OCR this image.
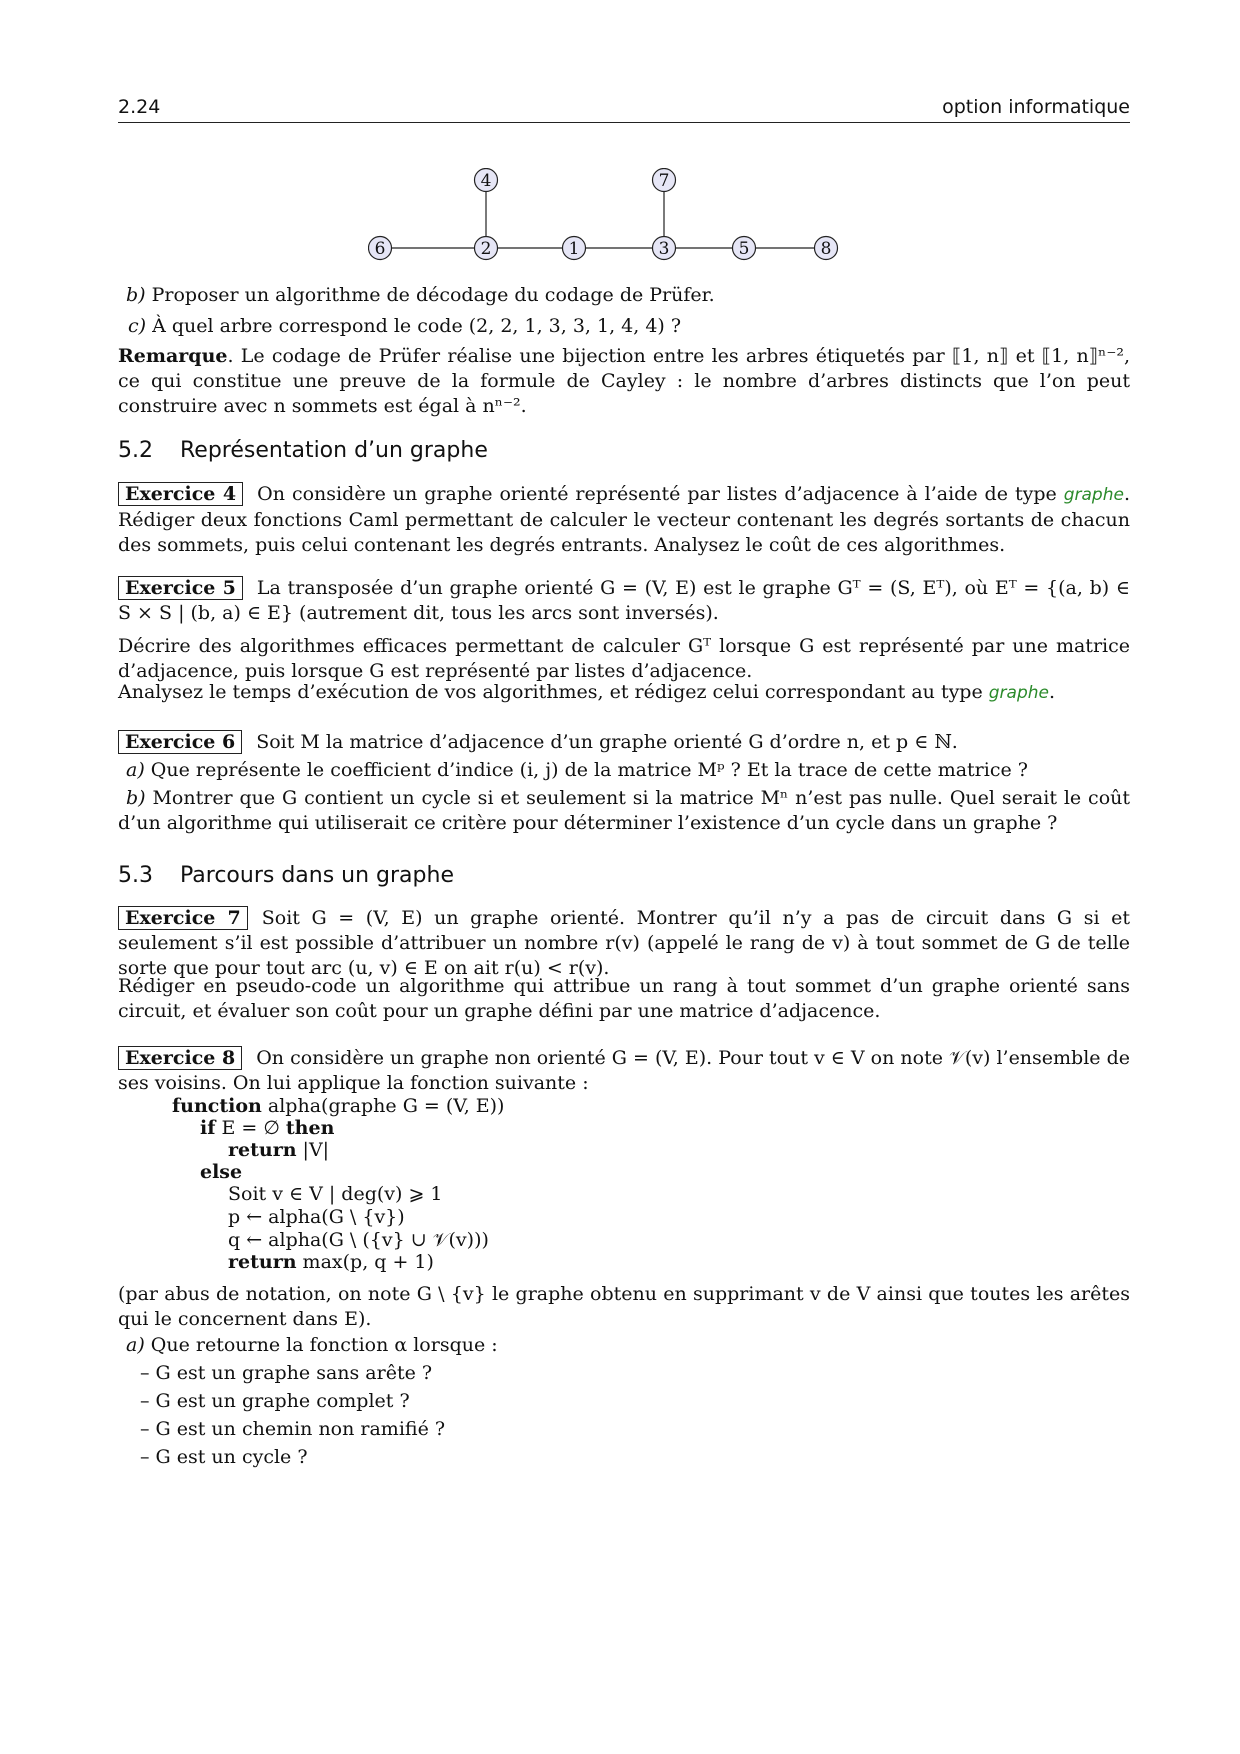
2.24	option informatique
4	7
6	2	1	3	5	8
b) Proposer un algorithme de décodage du codage de Prüfer.
c) À quel arbre correspond le code (2, 2, 1, 3, 3, 1, 4, 4) ?
Remarque. Le codage de Prüfer réalise une bijection entre les arbres étiquetés par ⟦1, n⟧ et ⟦1, n⟧ⁿ⁻², ce qui constitue une preuve de la formule de Cayley : le nombre d’arbres distincts que l’on peut construire avec n sommets est égal à nⁿ⁻².
5.2 Représentation d’un graphe
Exercice 4 On considère un graphe orienté représenté par listes d’adjacence à l’aide de type graphe. Rédiger deux fonctions Caml permettant de calculer le vecteur contenant les degrés sortants de chacun des sommets, puis celui contenant les degrés entrants. Analysez le coût de ces algorithmes.
Exercice 5 La transposée d’un graphe orienté G = (V, E) est le graphe Gᵀ = (S, Eᵀ), où Eᵀ = {(a, b) ∈ S × S | (b, a) ∈ E} (autrement dit, tous les arcs sont inversés).
Décrire des algorithmes efficaces permettant de calculer Gᵀ lorsque G est représenté par une matrice d’adjacence, puis lorsque G est représenté par listes d’adjacence.
Analysez le temps d’exécution de vos algorithmes, et rédigez celui correspondant au type graphe.
Exercice 6 Soit M la matrice d’adjacence d’un graphe orienté G d’ordre n, et p ∈ ℕ.
a) Que représente le coefficient d’indice (i, j) de la matrice Mᵖ ? Et la trace de cette matrice ?
b) Montrer que G contient un cycle si et seulement si la matrice Mⁿ n’est pas nulle. Quel serait le coût d’un algorithme qui utiliserait ce critère pour déterminer l’existence d’un cycle dans un graphe ?
5.3 Parcours dans un graphe
Exercice 7 Soit G = (V, E) un graphe orienté. Montrer qu’il n’y a pas de circuit dans G si et seulement s’il est possible d’attribuer un nombre r(v) (appelé le rang de v) à tout sommet de G de telle sorte que pour tout arc (u, v) ∈ E on ait r(u) < r(v).
Rédiger en pseudo-code un algorithme qui attribue un rang à tout sommet d’un graphe orienté sans circuit, et évaluer son coût pour un graphe défini par une matrice d’adjacence.
Exercice 8 On considère un graphe non orienté G = (V, E). Pour tout v ∈ V on note 𝒱(v) l’ensemble de ses voisins. On lui applique la fonction suivante :
function alpha(graphe G = (V, E))
if E = ∅ then
return |V|
else
Soit v ∈ V | deg(v) ⩾ 1
p ← alpha(G \ {v})
q ← alpha(G \ ({v} ∪ 𝒱(v)))
return max(p, q + 1)
(par abus de notation, on note G \ {v} le graphe obtenu en supprimant v de V ainsi que toutes les arêtes qui le concernent dans E).
a) Que retourne la fonction α lorsque :
– G est un graphe sans arête ?
– G est un graphe complet ?
– G est un chemin non ramifié ?
– G est un cycle ?
